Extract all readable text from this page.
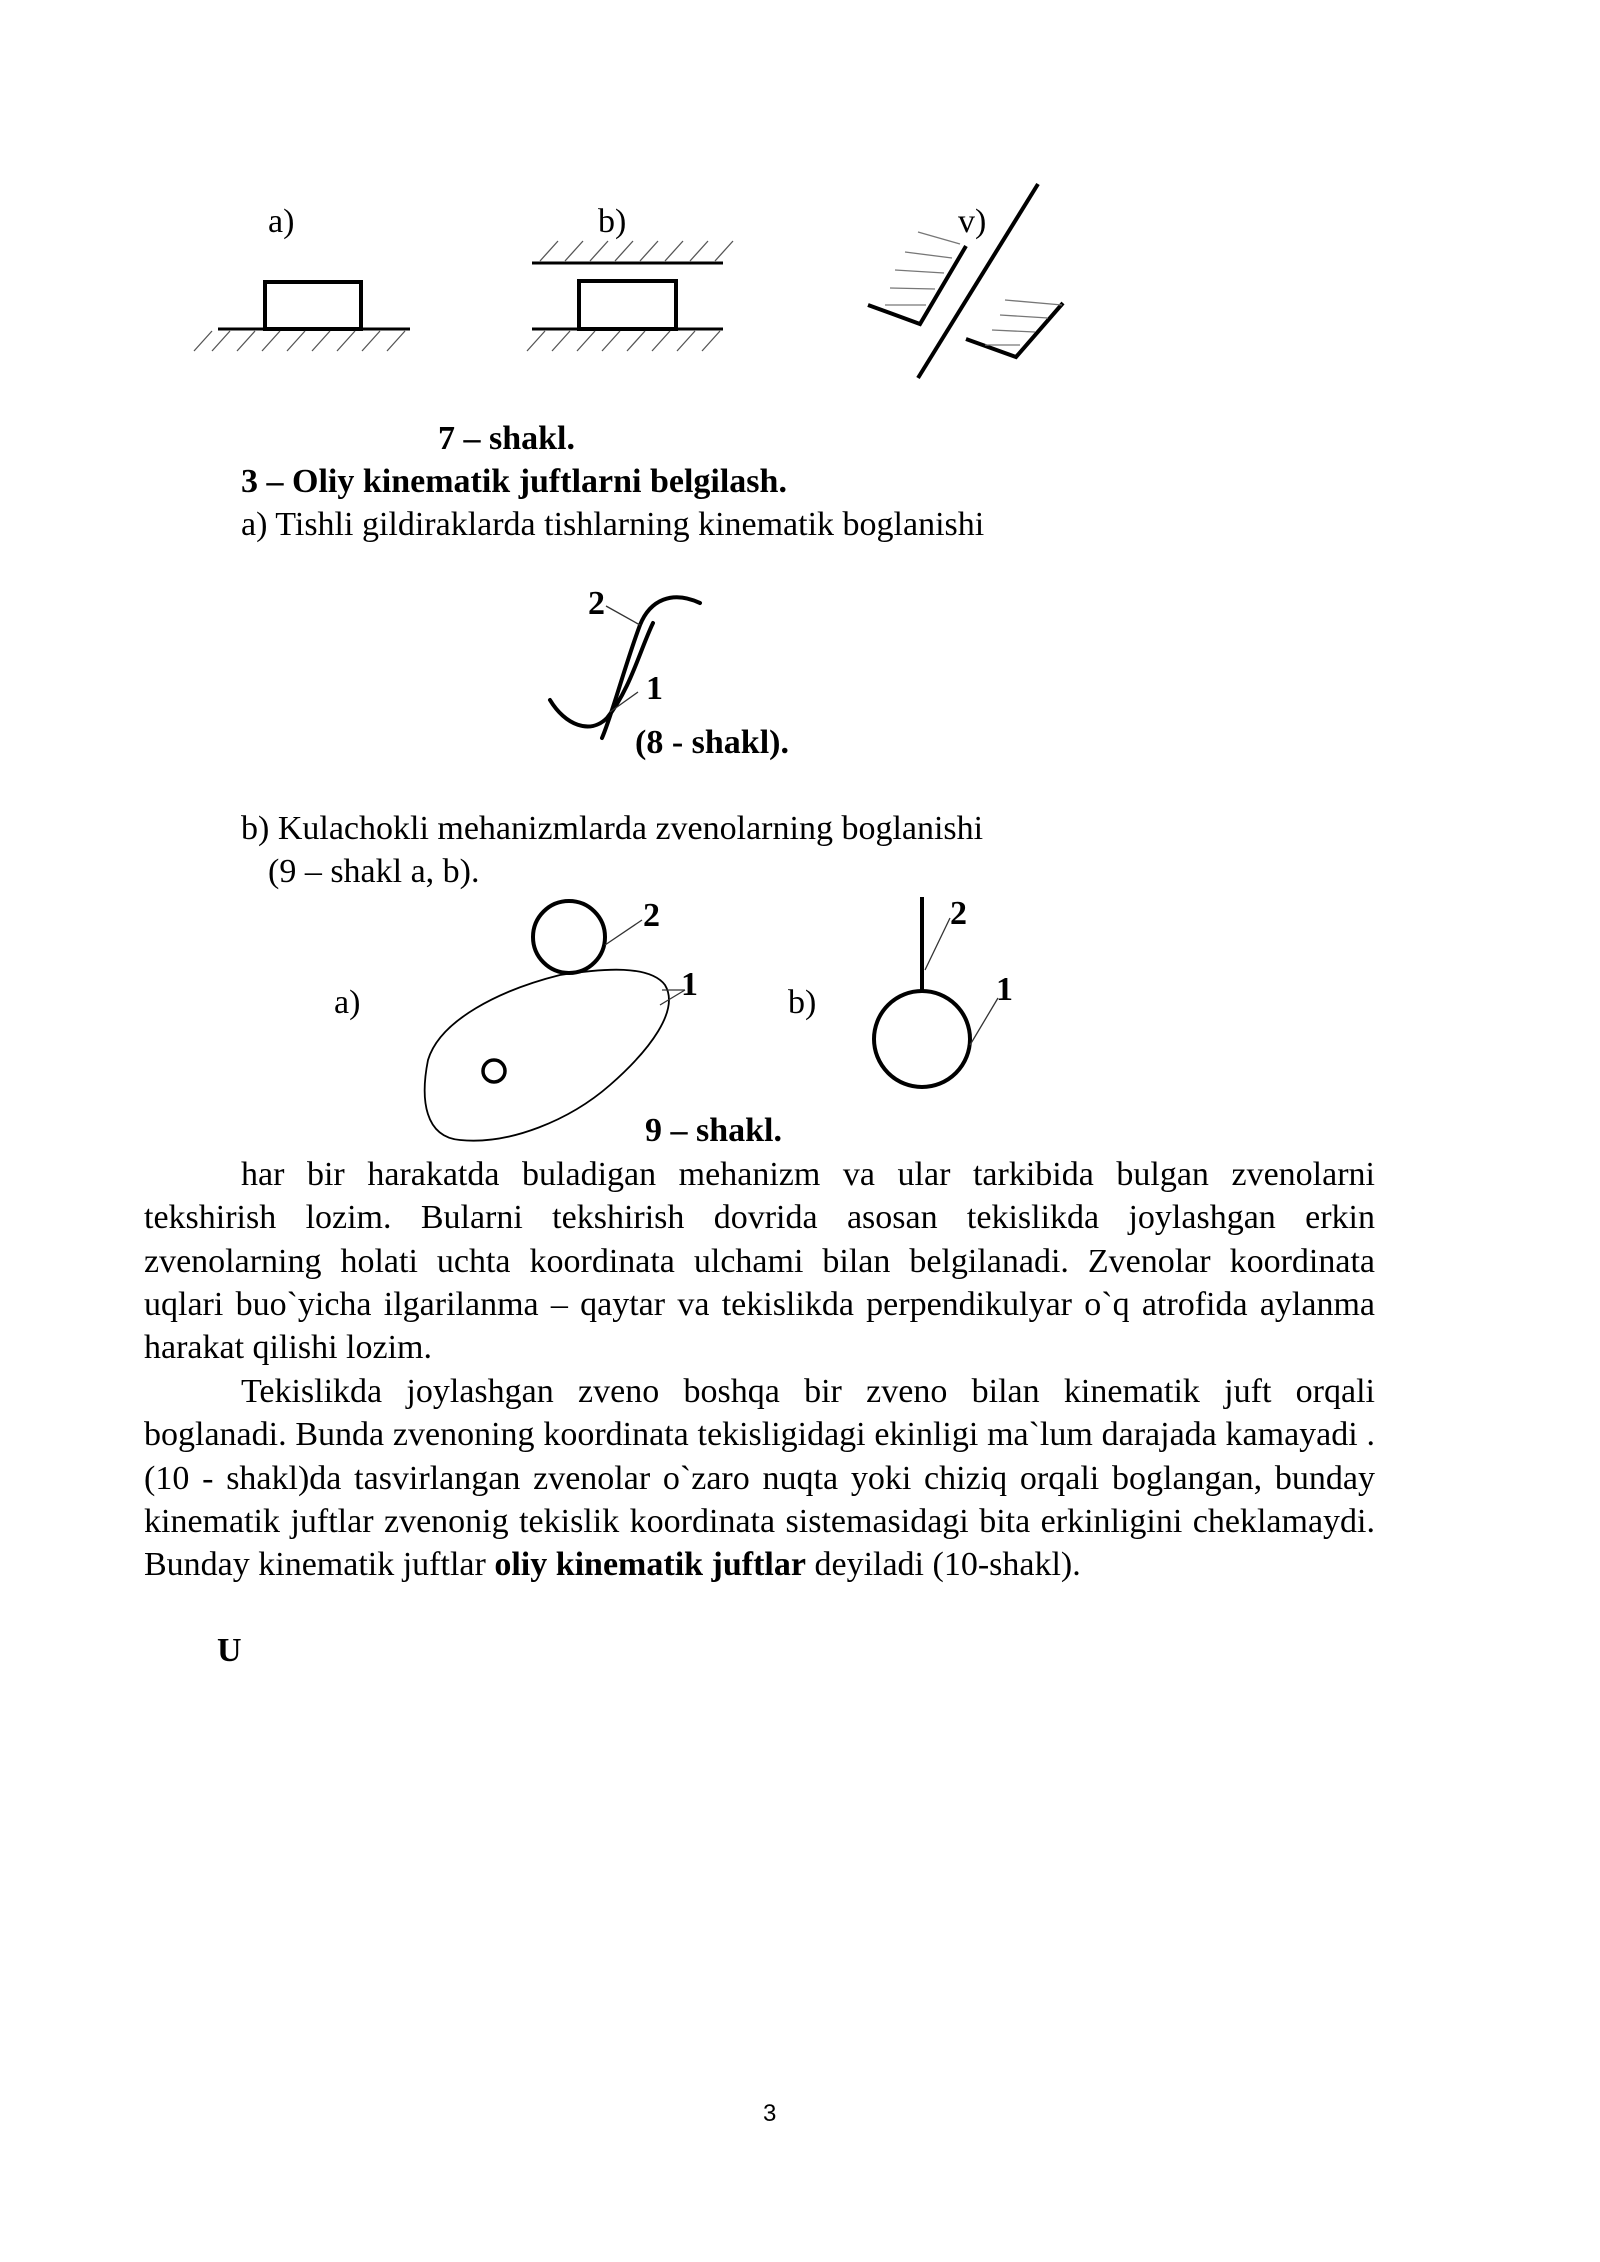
a)	b)	v)
7 – shakl.
3 – Oliy kinematik juftlarni belgilash.
a) Tishli gildiraklarda tishlarning kinematik boglanishi
2
1
(8 - shakl).
b) Kulachokli mehanizmlarda zvenolarning boglanishi
(9 – shakl a, b).
a)	b)
2
1
2
1
9 – shakl.

har bir harakatda buladigan mehanizm va ular tarkibida bulgan zvenolarni tekshirish lozim. Bularni tekshirish dovrida asosan tekislikda joylashgan erkin zvenolarning holati uchta koordinata ulchami bilan belgilanadi. Zvenolar koordinata uqlari buo`yicha ilgarilanma – qaytar va tekislikda perpendikulyar o`q atrofida aylanma harakat qilishi lozim.

Tekislikda joylashgan zveno boshqa bir zveno bilan kinematik juft orqali boglanadi. Bunda zvenoning koordinata tekisligidagi ekinligi ma`lum darajada kamayadi . (10 - shakl)da tasvirlangan zvenolar o`zaro nuqta yoki chiziq orqali boglangan, bunday kinematik juftlar zvenonig tekislik koordinata sistemasidagi bita erkinligini cheklamaydi. Bunday kinematik juftlar oliy kinematik juftlar deyiladi (10-shakl).

U
3
